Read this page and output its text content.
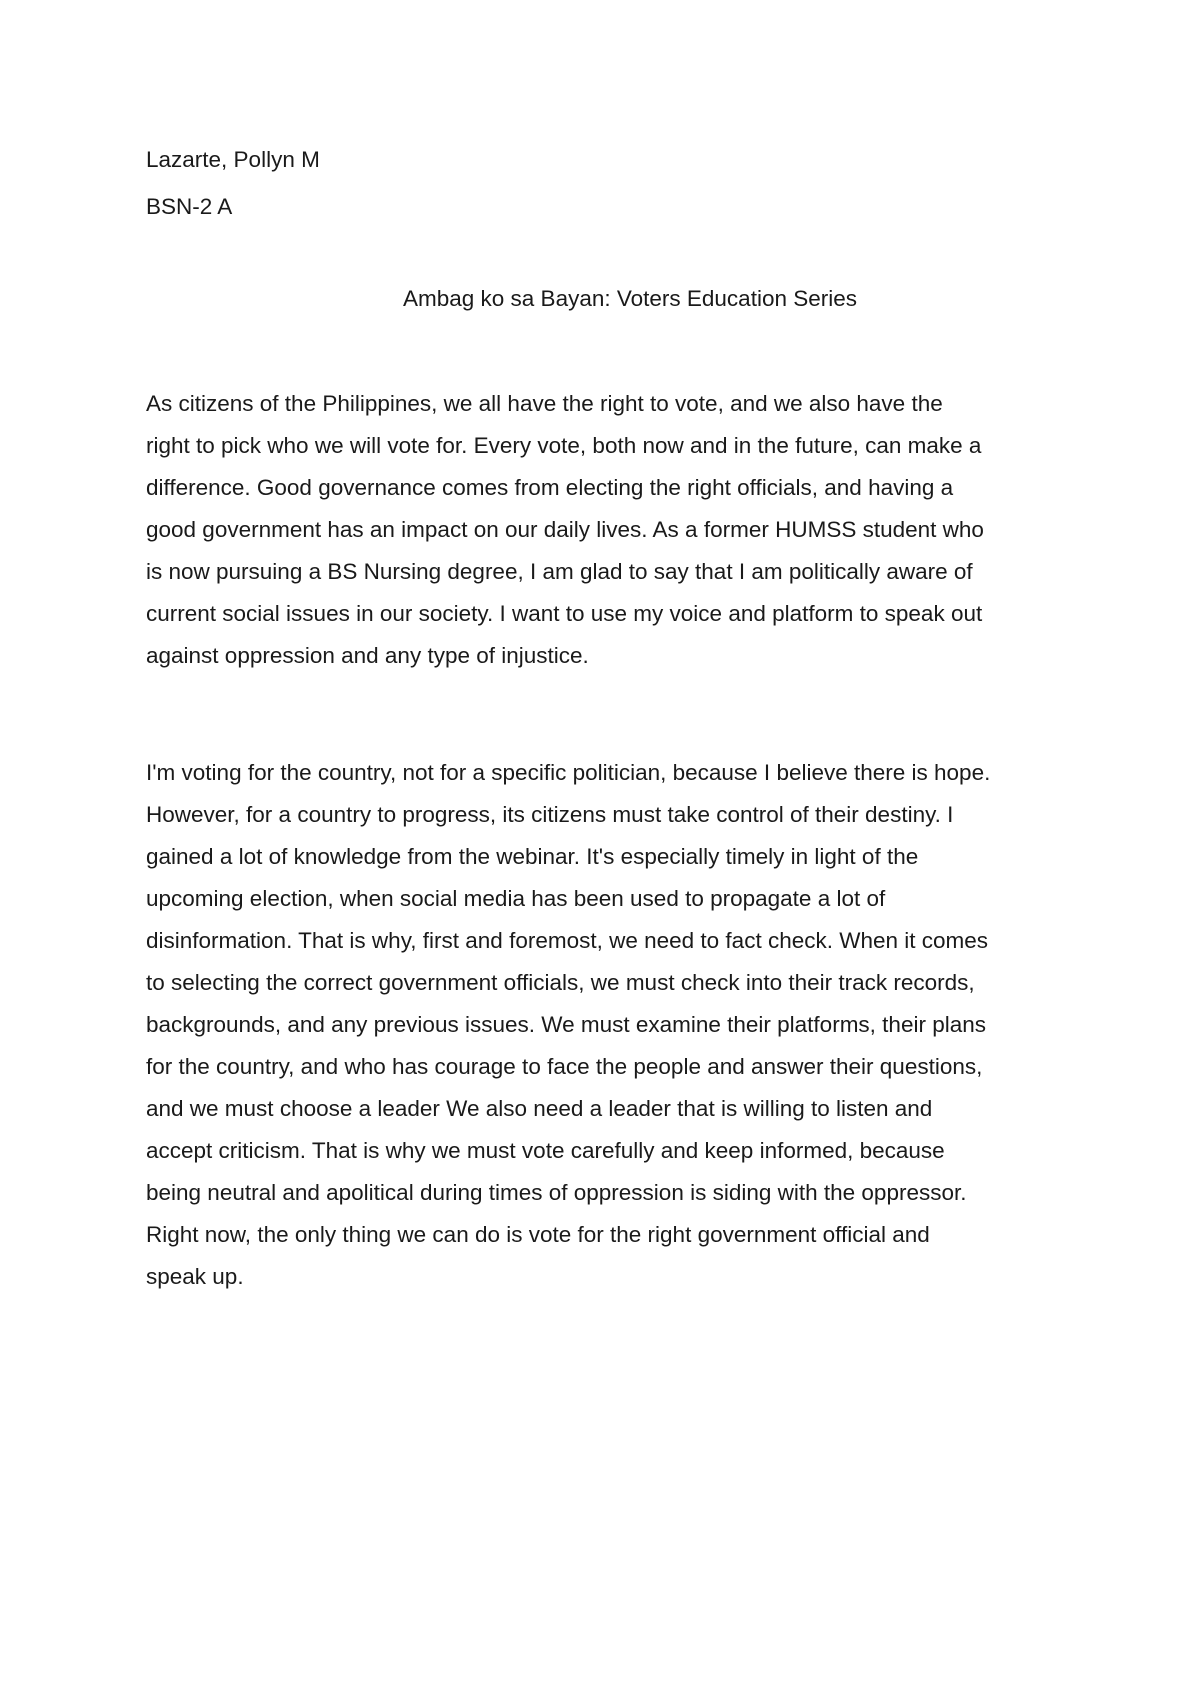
Lazarte, Pollyn M
BSN-2 A
Ambag ko sa Bayan: Voters Education Series
As citizens of the Philippines, we all have the right to vote, and we also have the
right to pick who we will vote for. Every vote, both now and in the future, can make a
difference. Good governance comes from electing the right officials, and having a
good government has an impact on our daily lives. As a former HUMSS student who
is now pursuing a BS Nursing degree, I am glad to say that I am politically aware of
current social issues in our society. I want to use my voice and platform to speak out
against oppression and any type of injustice.
I'm voting for the country, not for a specific politician, because I believe there is hope.
However, for a country to progress, its citizens must take control of their destiny. I
gained a lot of knowledge from the webinar. It's especially timely in light of the
upcoming election, when social media has been used to propagate a lot of
disinformation. That is why, first and foremost, we need to fact check. When it comes
to selecting the correct government officials, we must check into their track records,
backgrounds, and any previous issues. We must examine their platforms, their plans
for the country, and who has courage to face the people and answer their questions,
and we must choose a leader We also need a leader that is willing to listen and
accept criticism. That is why we must vote carefully and keep informed, because
being neutral and apolitical during times of oppression is siding with the oppressor.
Right now, the only thing we can do is vote for the right government official and
speak up.
